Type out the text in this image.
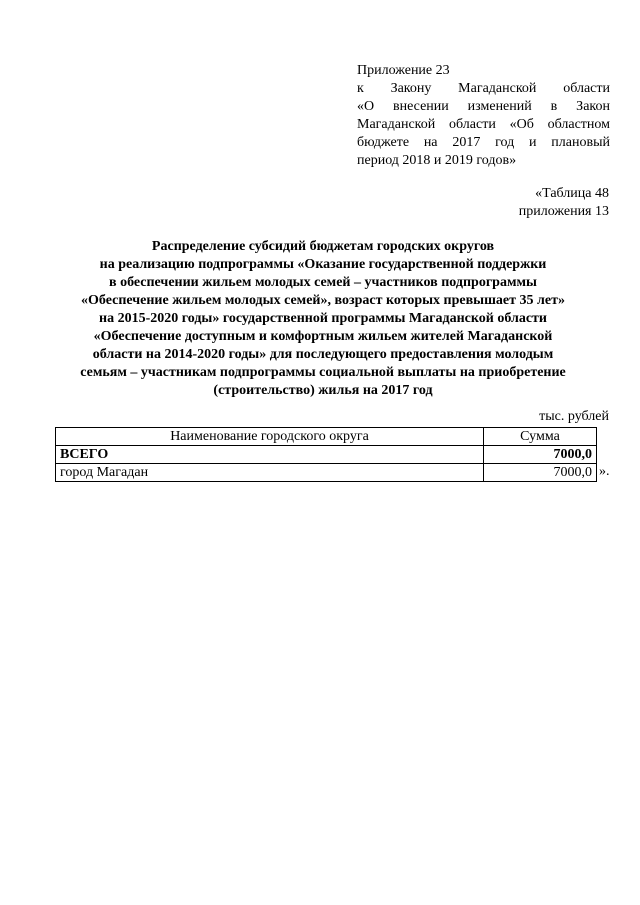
Приложение 23
к Закону Магаданской области
«О внесении изменений в Закон
Магаданской области «Об областном
бюджете на 2017 год и плановый
период 2018 и 2019 годов»
«Таблица 48
приложения 13
Распределение субсидий бюджетам городских округов
на реализацию подпрограммы «Оказание государственной поддержки
в обеспечении жильем молодых семей – участников подпрограммы
«Обеспечение жильем молодых семей», возраст которых превышает 35 лет»
на 2015-2020 годы» государственной программы Магаданской области
«Обеспечение доступным и комфортным жильем жителей Магаданской
области на 2014-2020 годы» для последующего предоставления молодым
семьям – участникам подпрограммы социальной выплаты на приобретение
(строительство) жилья на 2017 год
тыс. рублей
Наименование городского округа	Сумма
ВСЕГО	7000,0
город Магадан	7000,0 ».
